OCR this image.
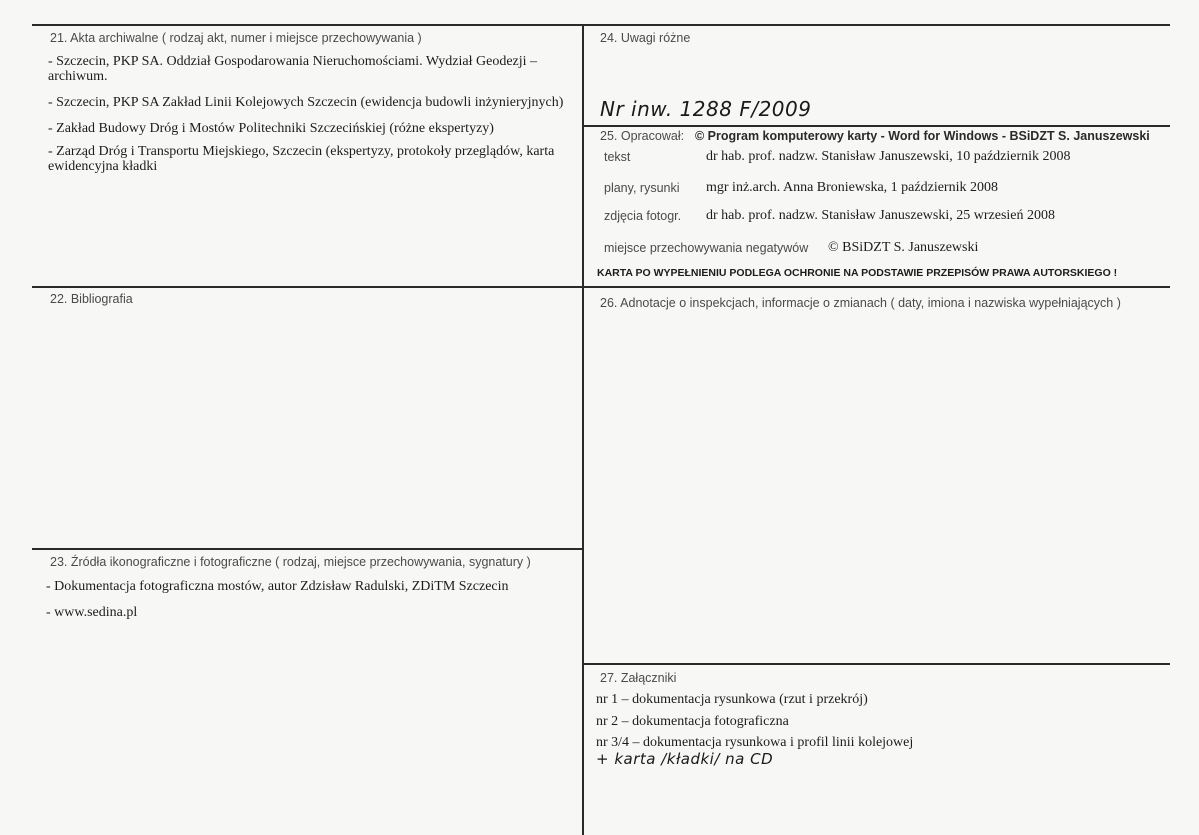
21. Akta archiwalne ( rodzaj akt, numer i miejsce przechowywania )
- Szczecin, PKP SA. Oddział Gospodarowania Nieruchomościami. Wydział Geodezji – archiwum.
- Szczecin, PKP SA Zakład Linii Kolejowych Szczecin (ewidencja budowli inżynieryjnych)
- Zakład Budowy Dróg i Mostów Politechniki Szczecińskiej (różne ekspertyzy)
- Zarząd Dróg i Transportu Miejskiego, Szczecin (ekspertyzy, protokoły przeglądów, karta ewidencyjna kładki
22. Bibliografia
23. Źródła ikonograficzne i fotograficzne ( rodzaj, miejsce przechowywania, sygnatury )
- Dokumentacja fotograficzna mostów, autor Zdzisław Radulski, ZDiTM Szczecin
- www.sedina.pl
24. Uwagi różne
Nr inw. 1288 F/2009
25. Opracował: © Program komputerowy karty - Word for Windows - BSiDZT S. Januszewski
tekst	dr hab. prof. nadzw. Stanisław Januszewski, 10 październik 2008
plany, rysunki mgr inż.arch. Anna Broniewska, 1 październik 2008
zdjęcia fotogr. dr hab. prof. nadzw. Stanisław Januszewski, 25 wrzesień 2008
miejsce przechowywania negatywów © BSiDZT S. Januszewski
KARTA PO WYPEŁNIENIU PODLEGA OCHRONIE NA PODSTAWIE PRZEPISÓW PRAWA AUTORSKIEGO !
26. Adnotacje o inspekcjach, informacje o zmianach ( daty, imiona i nazwiska wypełniających )
27. Załączniki
nr 1 – dokumentacja rysunkowa (rzut i przekrój)
nr 2 – dokumentacja fotograficzna
nr 3/4 – dokumentacja rysunkowa i profil linii kolejowej
+ karta /kładki/ na CD
